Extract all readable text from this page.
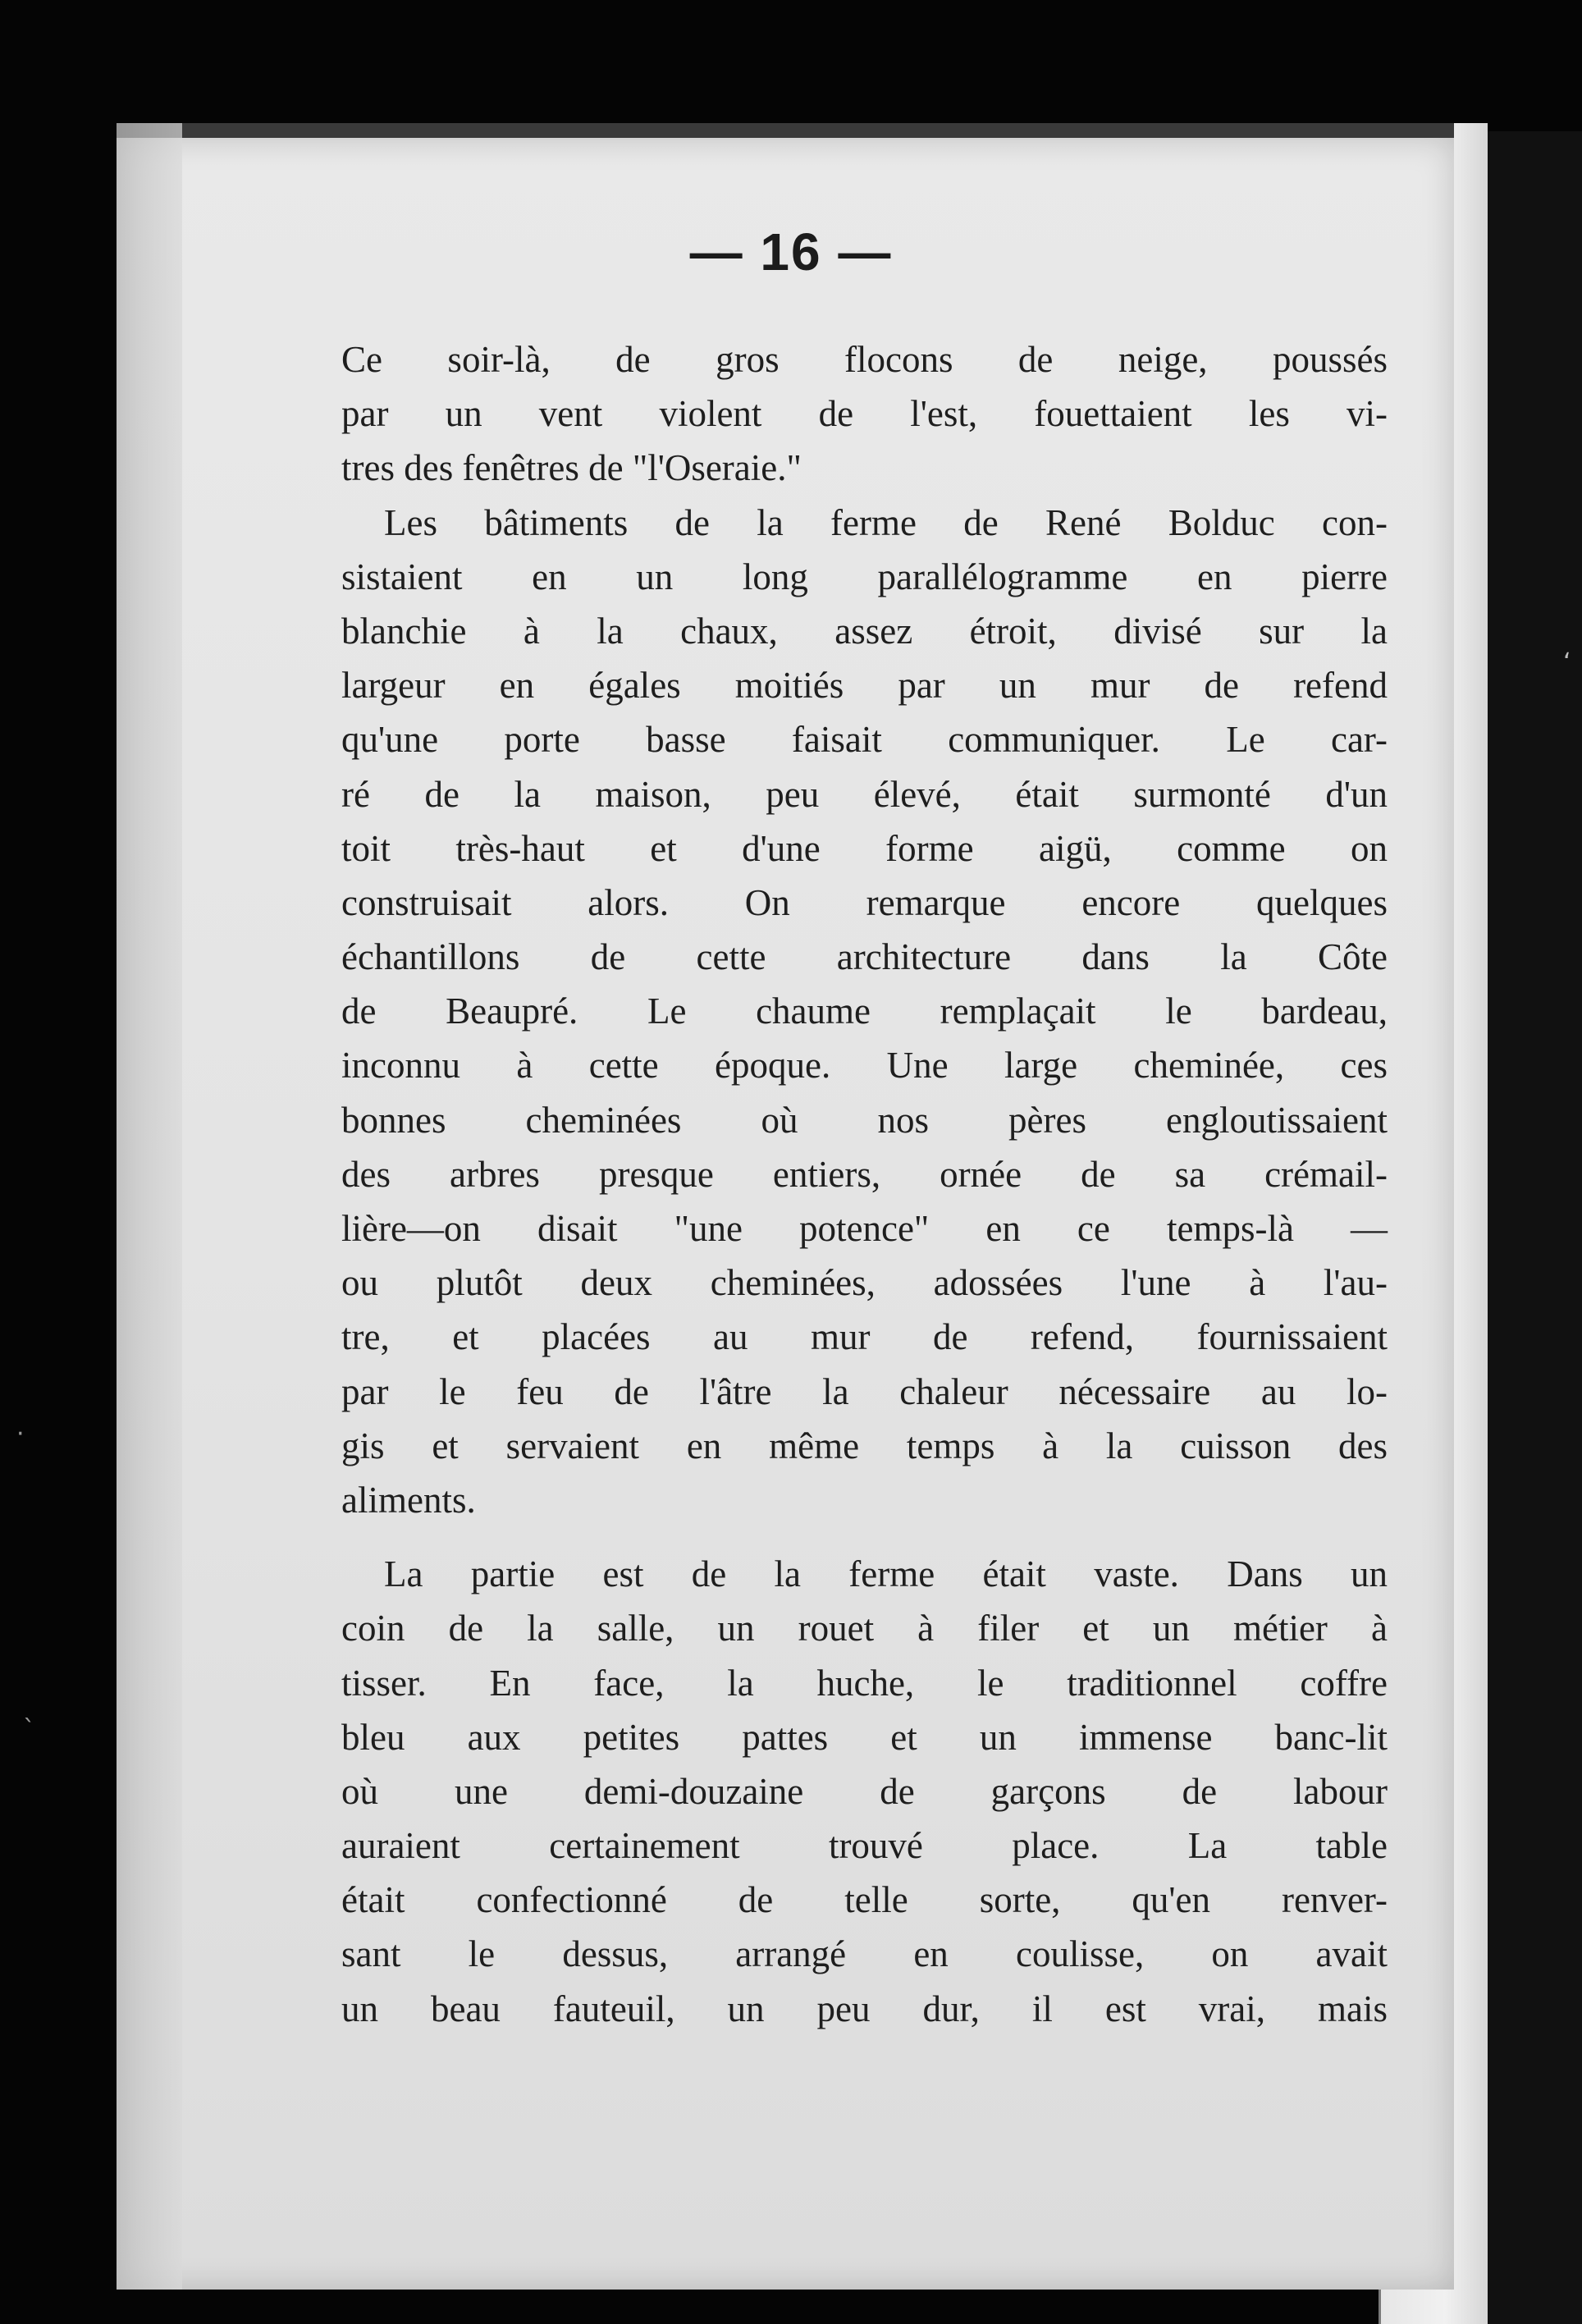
ʻ
·
ˋ
— 16 —
Ce soir-là, de gros flocons de neige, poussés
par un vent violent de l'est, fouettaient les vi-
tres des fenêtres de "l'Oseraie."
Les bâtiments de la ferme de René Bolduc con-
sistaient en un long parallélogramme en pierre
blanchie à la chaux, assez étroit, divisé sur la
largeur en égales moitiés par un mur de refend
qu'une porte basse faisait communiquer. Le car-
ré de la maison, peu élevé, était surmonté d'un
toit très-haut et d'une forme aigü, comme on
construisait alors. On remarque encore quelques
échantillons de cette architecture dans la Côte
de Beaupré. Le chaume remplaçait le bardeau,
inconnu à cette époque. Une large cheminée, ces
bonnes cheminées où nos pères engloutissaient
des arbres presque entiers, ornée de sa crémail-
lière—on disait "une potence" en ce temps-là —
ou plutôt deux cheminées, adossées l'une à l'au-
tre, et placées au mur de refend, fournissaient
par le feu de l'âtre la chaleur nécessaire au lo-
gis et servaient en même temps à la cuisson des
aliments.
La partie est de la ferme était vaste. Dans un
coin de la salle, un rouet à filer et un métier à
tisser. En face, la huche, le traditionnel coffre
bleu aux petites pattes et un immense banc-lit
où une demi-douzaine de garçons de labour
auraient certainement trouvé place. La table
était confectionné de telle sorte, qu'en renver-
sant le dessus, arrangé en coulisse, on avait
un beau fauteuil, un peu dur, il est vrai, mais
